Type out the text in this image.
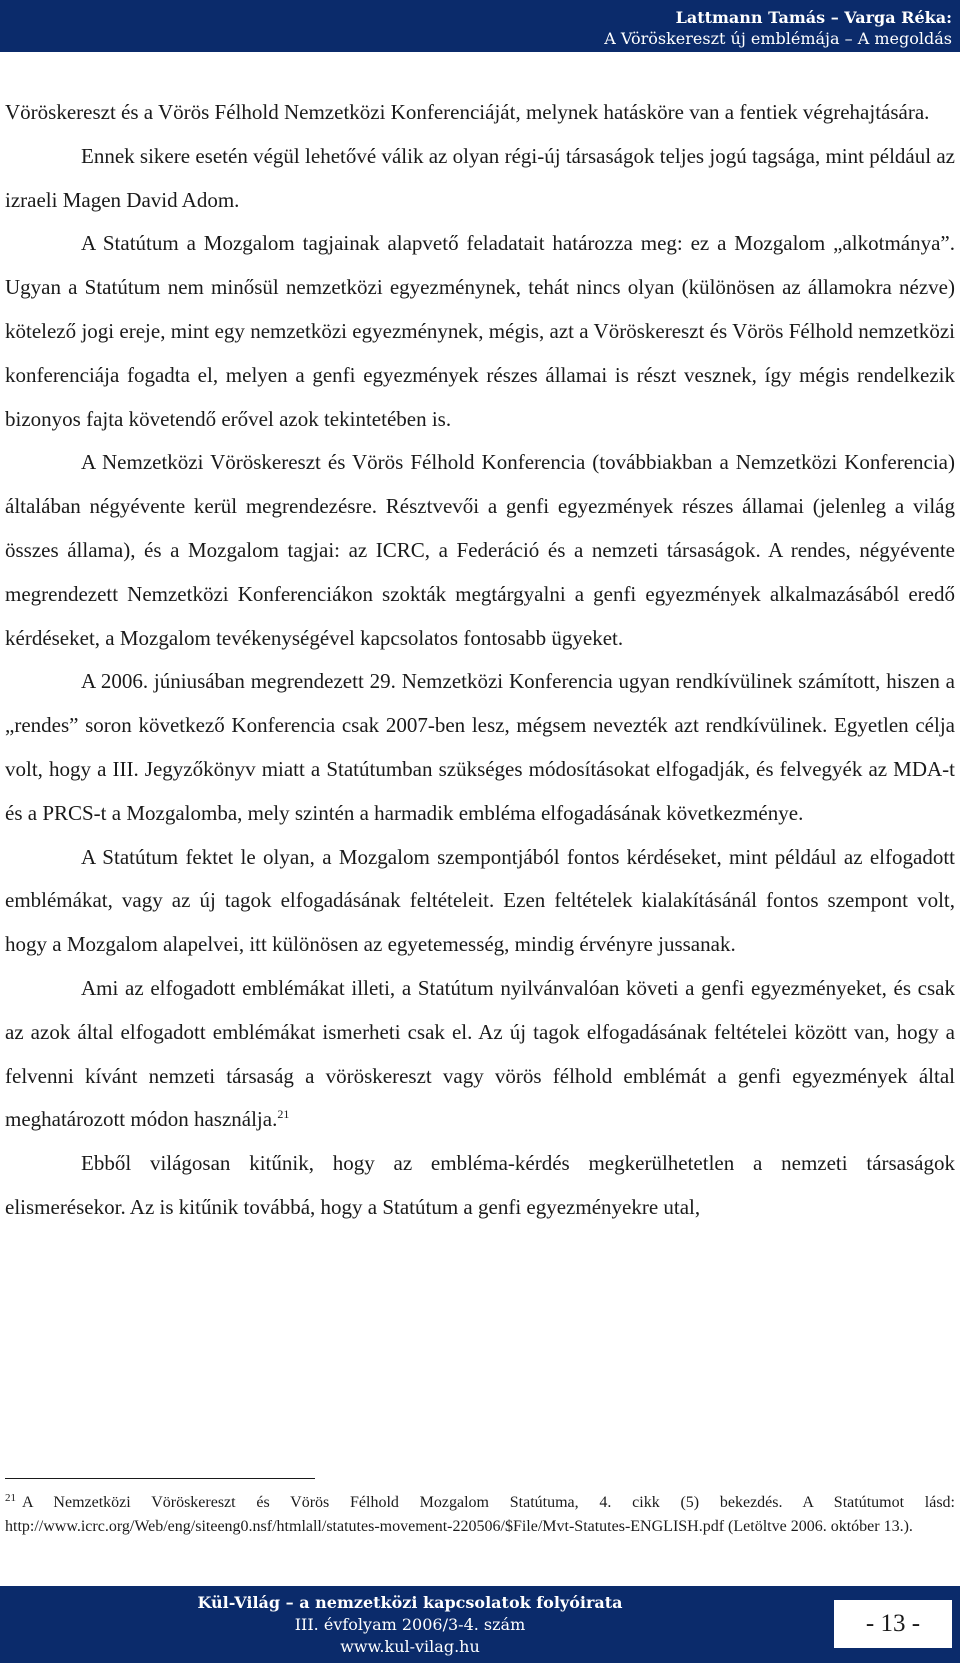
Lattmann Tamás – Varga Réka:
A Vöröskereszt új emblémája – A megoldás

Vöröskereszt és a Vörös Félhold Nemzetközi Konferenciáját, melynek hatásköre van a fentiek végrehajtására.

Ennek sikere esetén végül lehetővé válik az olyan régi-új társaságok teljes jogú tagsága, mint például az izraeli Magen David Adom.

A Statútum a Mozgalom tagjainak alapvető feladatait határozza meg: ez a Mozgalom „alkotmánya”. Ugyan a Statútum nem minősül nemzetközi egyezménynek, tehát nincs olyan (különösen az államokra nézve) kötelező jogi ereje, mint egy nemzetközi egyezménynek, mégis, azt a Vöröskereszt és Vörös Félhold nemzetközi konferenciája fogadta el, melyen a genfi egyezmények részes államai is részt vesznek, így mégis rendelkezik bizonyos fajta követendő erővel azok tekintetében is.

A Nemzetközi Vöröskereszt és Vörös Félhold Konferencia (továbbiakban a Nemzetközi Konferencia) általában négyévente kerül megrendezésre. Résztvevői a genfi egyezmények részes államai (jelenleg a világ összes állama), és a Mozgalom tagjai: az ICRC, a Federáció és a nemzeti társaságok. A rendes, négyévente megrendezett Nemzetközi Konferenciákon szokták megtárgyalni a genfi egyezmények alkalmazásából eredő kérdéseket, a Mozgalom tevékenységével kapcsolatos fontosabb ügyeket.

A 2006. júniusában megrendezett 29. Nemzetközi Konferencia ugyan rendkívülinek számított, hiszen a „rendes” soron következő Konferencia csak 2007-ben lesz, mégsem nevezték azt rendkívülinek. Egyetlen célja volt, hogy a III. Jegyzőkönyv miatt a Statútumban szükséges módosításokat elfogadják, és felvegyék az MDA-t és a PRCS-t a Mozgalomba, mely szintén a harmadik embléma elfogadásának következménye.

A Statútum fektet le olyan, a Mozgalom szempontjából fontos kérdéseket, mint például az elfogadott emblémákat, vagy az új tagok elfogadásának feltételeit. Ezen feltételek kialakításánál fontos szempont volt, hogy a Mozgalom alapelvei, itt különösen az egyetemesség, mindig érvényre jussanak.

Ami az elfogadott emblémákat illeti, a Statútum nyilvánvalóan követi a genfi egyezményeket, és csak az azok által elfogadott emblémákat ismerheti csak el. Az új tagok elfogadásának feltételei között van, hogy a felvenni kívánt nemzeti társaság a vöröskereszt vagy vörös félhold emblémát a genfi egyezmények által meghatározott módon használja.$^{21}$

Ebből világosan kitűnik, hogy az embléma-kérdés megkerülhetetlen a nemzeti társaságok elismerésekor. Az is kitűnik továbbá, hogy a Statútum a genfi egyezményekre utal,

$^{21}$ A Nemzetközi Vöröskereszt és Vörös Félhold Mozgalom Statútuma, 4. cikk (5) bekezdés. A Statútumot lásd: http://www.icrc.org/Web/eng/siteeng0.nsf/htmlall/statutes-movement-220506/$File/Mvt-Statutes-ENGLISH.pdf (Letöltve 2006. október 13.).
Kül-Világ – a nemzetközi kapcsolatok folyóirata
III. évfolyam 2006/3-4. szám
www.kul-vilag.hu
- 13 -
